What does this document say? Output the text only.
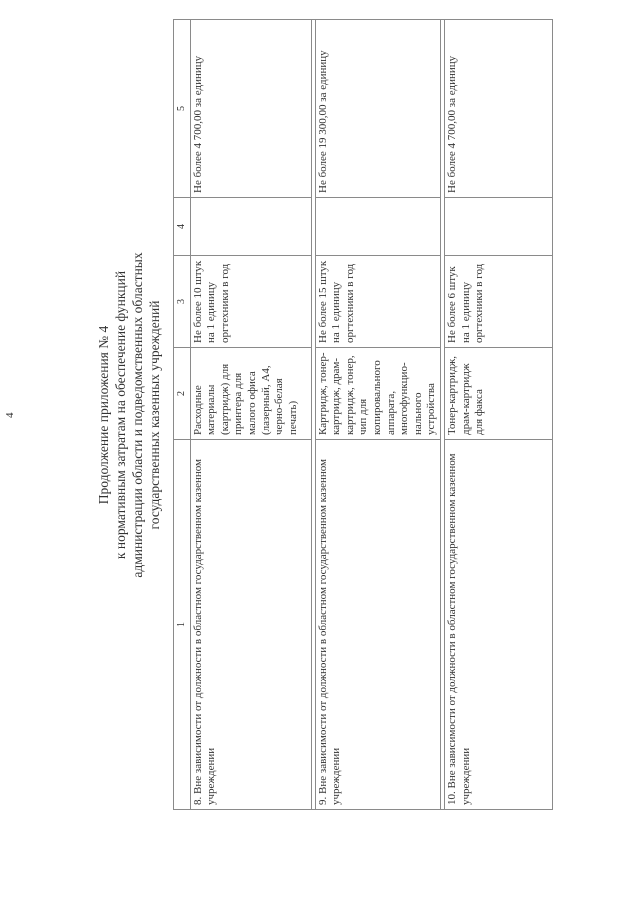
4	Продолжение приложения № 4 к нормативным затратам на обеспечение функций администрации области и подведомственных областных государственных казенных учреждений
1	2	3	4	5
8. Вне зависимости от должности в областном государственном казенном учреждении	Расходные материалы (картридж) для принтера для малого офиса (лазерный, А4, черно-белая печать)	Не более 10 штук на 1 единицу оргтехники в год		Не более 4 700,00 за единицу

9. Вне зависимости от должности в областном государственном казенном учреждении	Картридж, тонер-картридж, драм-картридж, тонер, чип для копировального аппарата, многофункцио-нального устройства	Не более 15 штук на 1 единицу оргтехники в год		Не более 19 300,00 за единицу

10. Вне зависимости от должности в областном государственном казенном учреждении	Тонер-картридж, драм-картридж для факса	Не более 6 штук на 1 единицу оргтехники в год		Не более 4 700,00 за единицу
